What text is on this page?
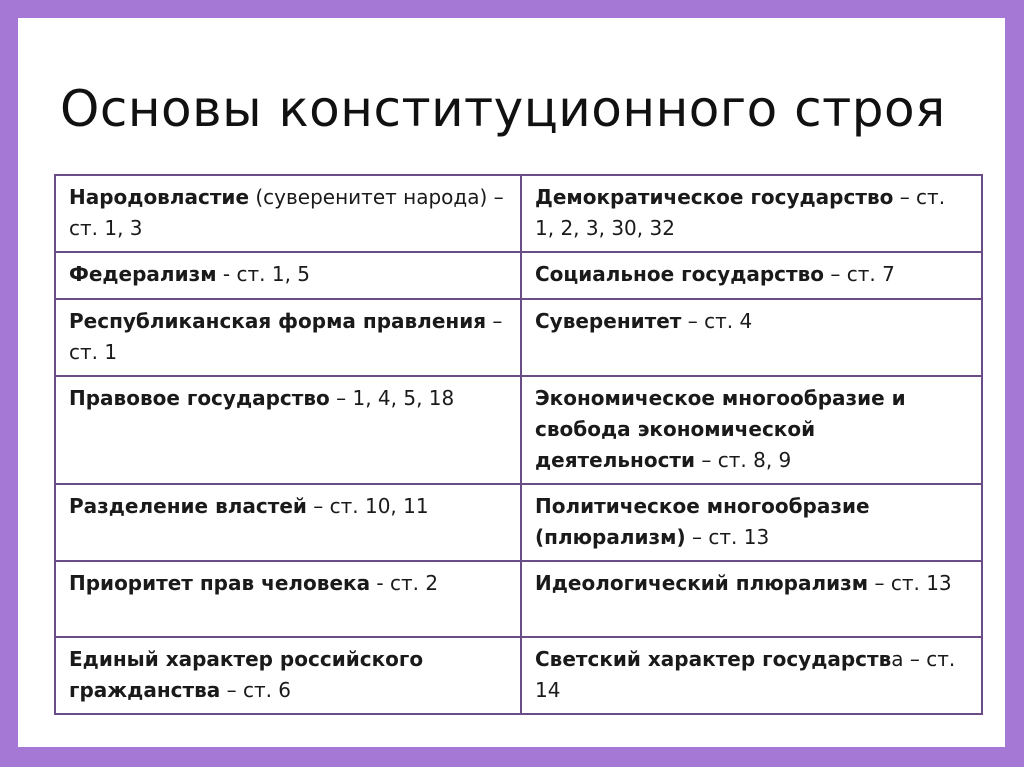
Основы конституционного строя
Народовластие (суверенитет народа) – ст. 1, 3	Демократическое государство – ст. 1, 2, 3, 30, 32
Федерализм - ст. 1, 5	Социальное государство – ст. 7
Республиканская форма правления – ст. 1	Суверенитет – ст. 4
Правовое государство – 1, 4, 5, 18	Экономическое многообразие и свобода экономической деятельности – ст. 8, 9
Разделение властей – ст. 10, 11	Политическое многообразие (плюрализм) – ст. 13
Приоритет прав человека - ст. 2	Идеологический плюрализм – ст. 13
Единый характер российского гражданства – ст. 6	Светский характер государства – ст. 14
